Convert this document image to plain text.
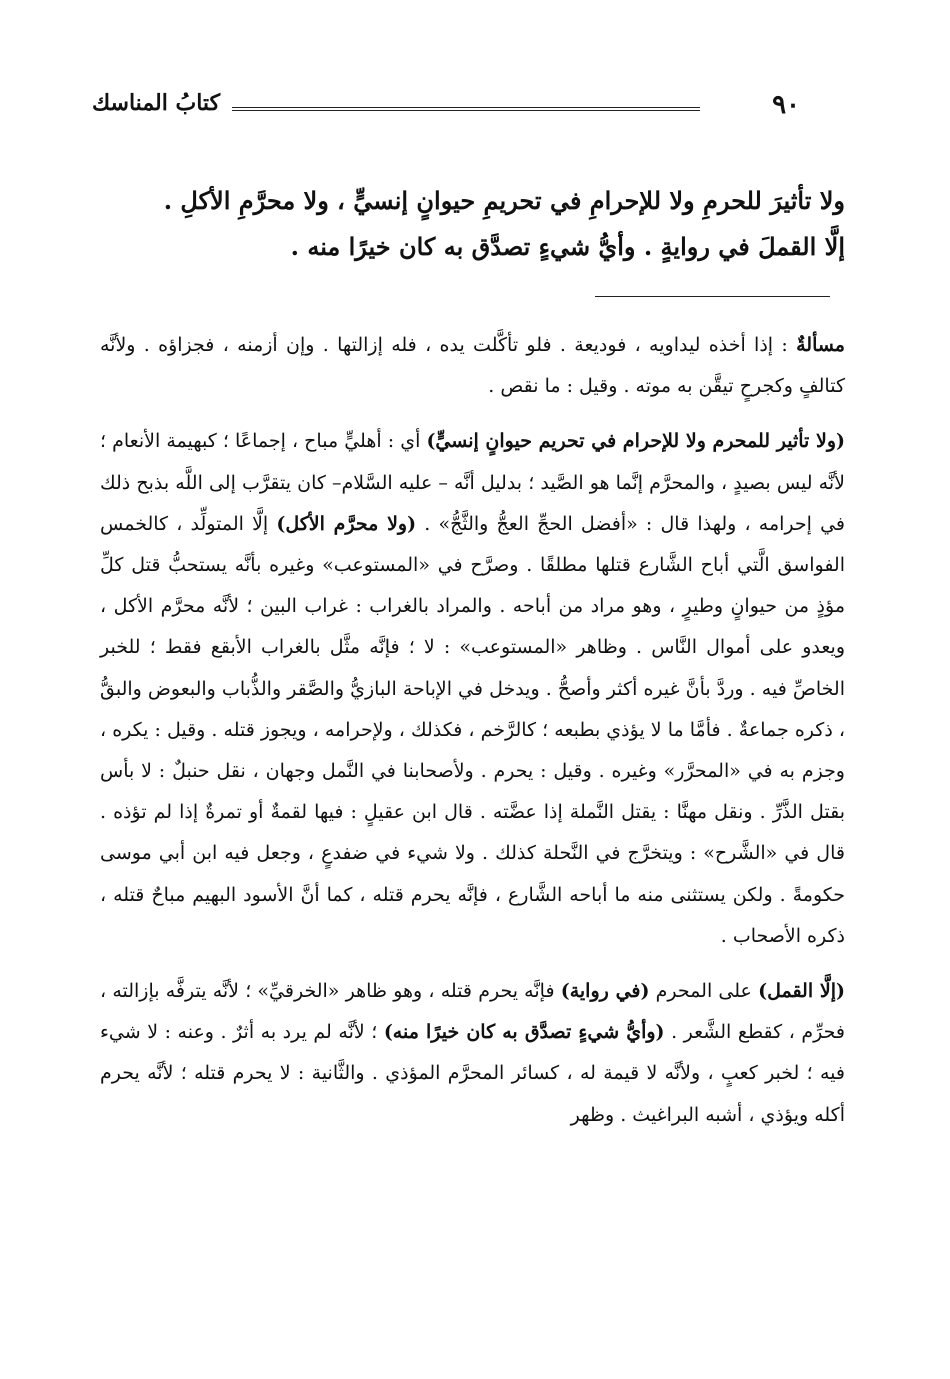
٩٠
كتابُ المناسك
ولا تأثيرَ للحرمِ ولا للإحرامِ في تحريمِ حيوانٍ إنسيٍّ ، ولا محرَّمِ الأكلِ .
إلَّا القملَ في روايةٍ . وأيُّ شيءٍ تصدَّق به كان خيرًا منه .

مسألةٌ : إذا أخذه ليداويه ، فوديعة . فلو تأكَّلت يده ، فله إزالتها . وإن أزمنه ، فجزاؤه . ولأنَّه كتالفٍ وكجرحٍ تيقَّن به موته . وقيل : ما نقص .

(ولا تأثير للمحرم ولا للإحرام في تحريم حيوانٍ إنسيٍّ) أي : أهليٍّ مباح ، إجماعًا ؛ كبهيمة الأنعام ؛ لأنَّه ليس بصيدٍ ، والمحرَّم إنَّما هو الصَّيد ؛ بدليل أنَّه – عليه السَّلام– كان يتقرَّب إلى اللَّه بذبح ذلك في إحرامه ، ولهذا قال : «أفضل الحجِّ العجُّ والثَّجُّ» . (ولا محرَّم الأكل) إلَّا المتولِّد ، كالخمس الفواسق الَّتي أباح الشَّارع قتلها مطلقًا . وصرَّح في «المستوعب» وغيره بأنَّه يستحبُّ قتل كلِّ مؤذٍ من حيوانٍ وطيرٍ ، وهو مراد من أباحه . والمراد بالغراب : غراب البين ؛ لأنَّه محرَّم الأكل ، ويعدو على أموال النَّاس . وظاهر «المستوعب» : لا ؛ فإنَّه مثَّل بالغراب الأبقع فقط ؛ للخبر الخاصِّ فيه . وردَّ بأنَّ غيره أكثر وأصحُّ . ويدخل في الإباحة البازيُّ والصَّقر والذُّباب والبعوض والبقُّ ، ذكره جماعةٌ . فأمَّا ما لا يؤذي بطبعه ؛ كالرَّخم ، فكذلك ، ولإحرامه ، ويجوز قتله . وقيل : يكره ، وجزم به في «المحرَّر» وغيره . وقيل : يحرم . ولأصحابنا في النَّمل وجهان ، نقل حنبلٌ : لا بأس بقتل الذَّرِّ . ونقل مهنَّا : يقتل النَّملة إذا عضَّته . قال ابن عقيلٍ : فيها لقمةٌ أو تمرةٌ إذا لم تؤذه . قال في «الشَّرح» : ويتخرَّج في النَّحلة كذلك . ولا شيء في ضفدعٍ ، وجعل فيه ابن أبي موسى حكومةً . ولكن يستثنى منه ما أباحه الشَّارع ، فإنَّه يحرم قتله ، كما أنَّ الأسود البهيم مباحٌ قتله ، ذكره الأصحاب .

(إلَّا القمل) على المحرم (في رواية) فإنَّه يحرم قتله ، وهو ظاهر «الخرقيِّ» ؛ لأنَّه يترفَّه بإزالته ، فحرِّم ، كقطع الشَّعر . (وأيُّ شيءٍ تصدَّق به كان خيرًا منه) ؛ لأنَّه لم يرد به أثرٌ . وعنه : لا شيء فيه ؛ لخبر كعبٍ ، ولأنَّه لا قيمة له ، كسائر المحرَّم المؤذي . والثَّانية : لا يحرم قتله ؛ لأنَّه يحرم أكله ويؤذي ، أشبه البراغيث . وظهر
